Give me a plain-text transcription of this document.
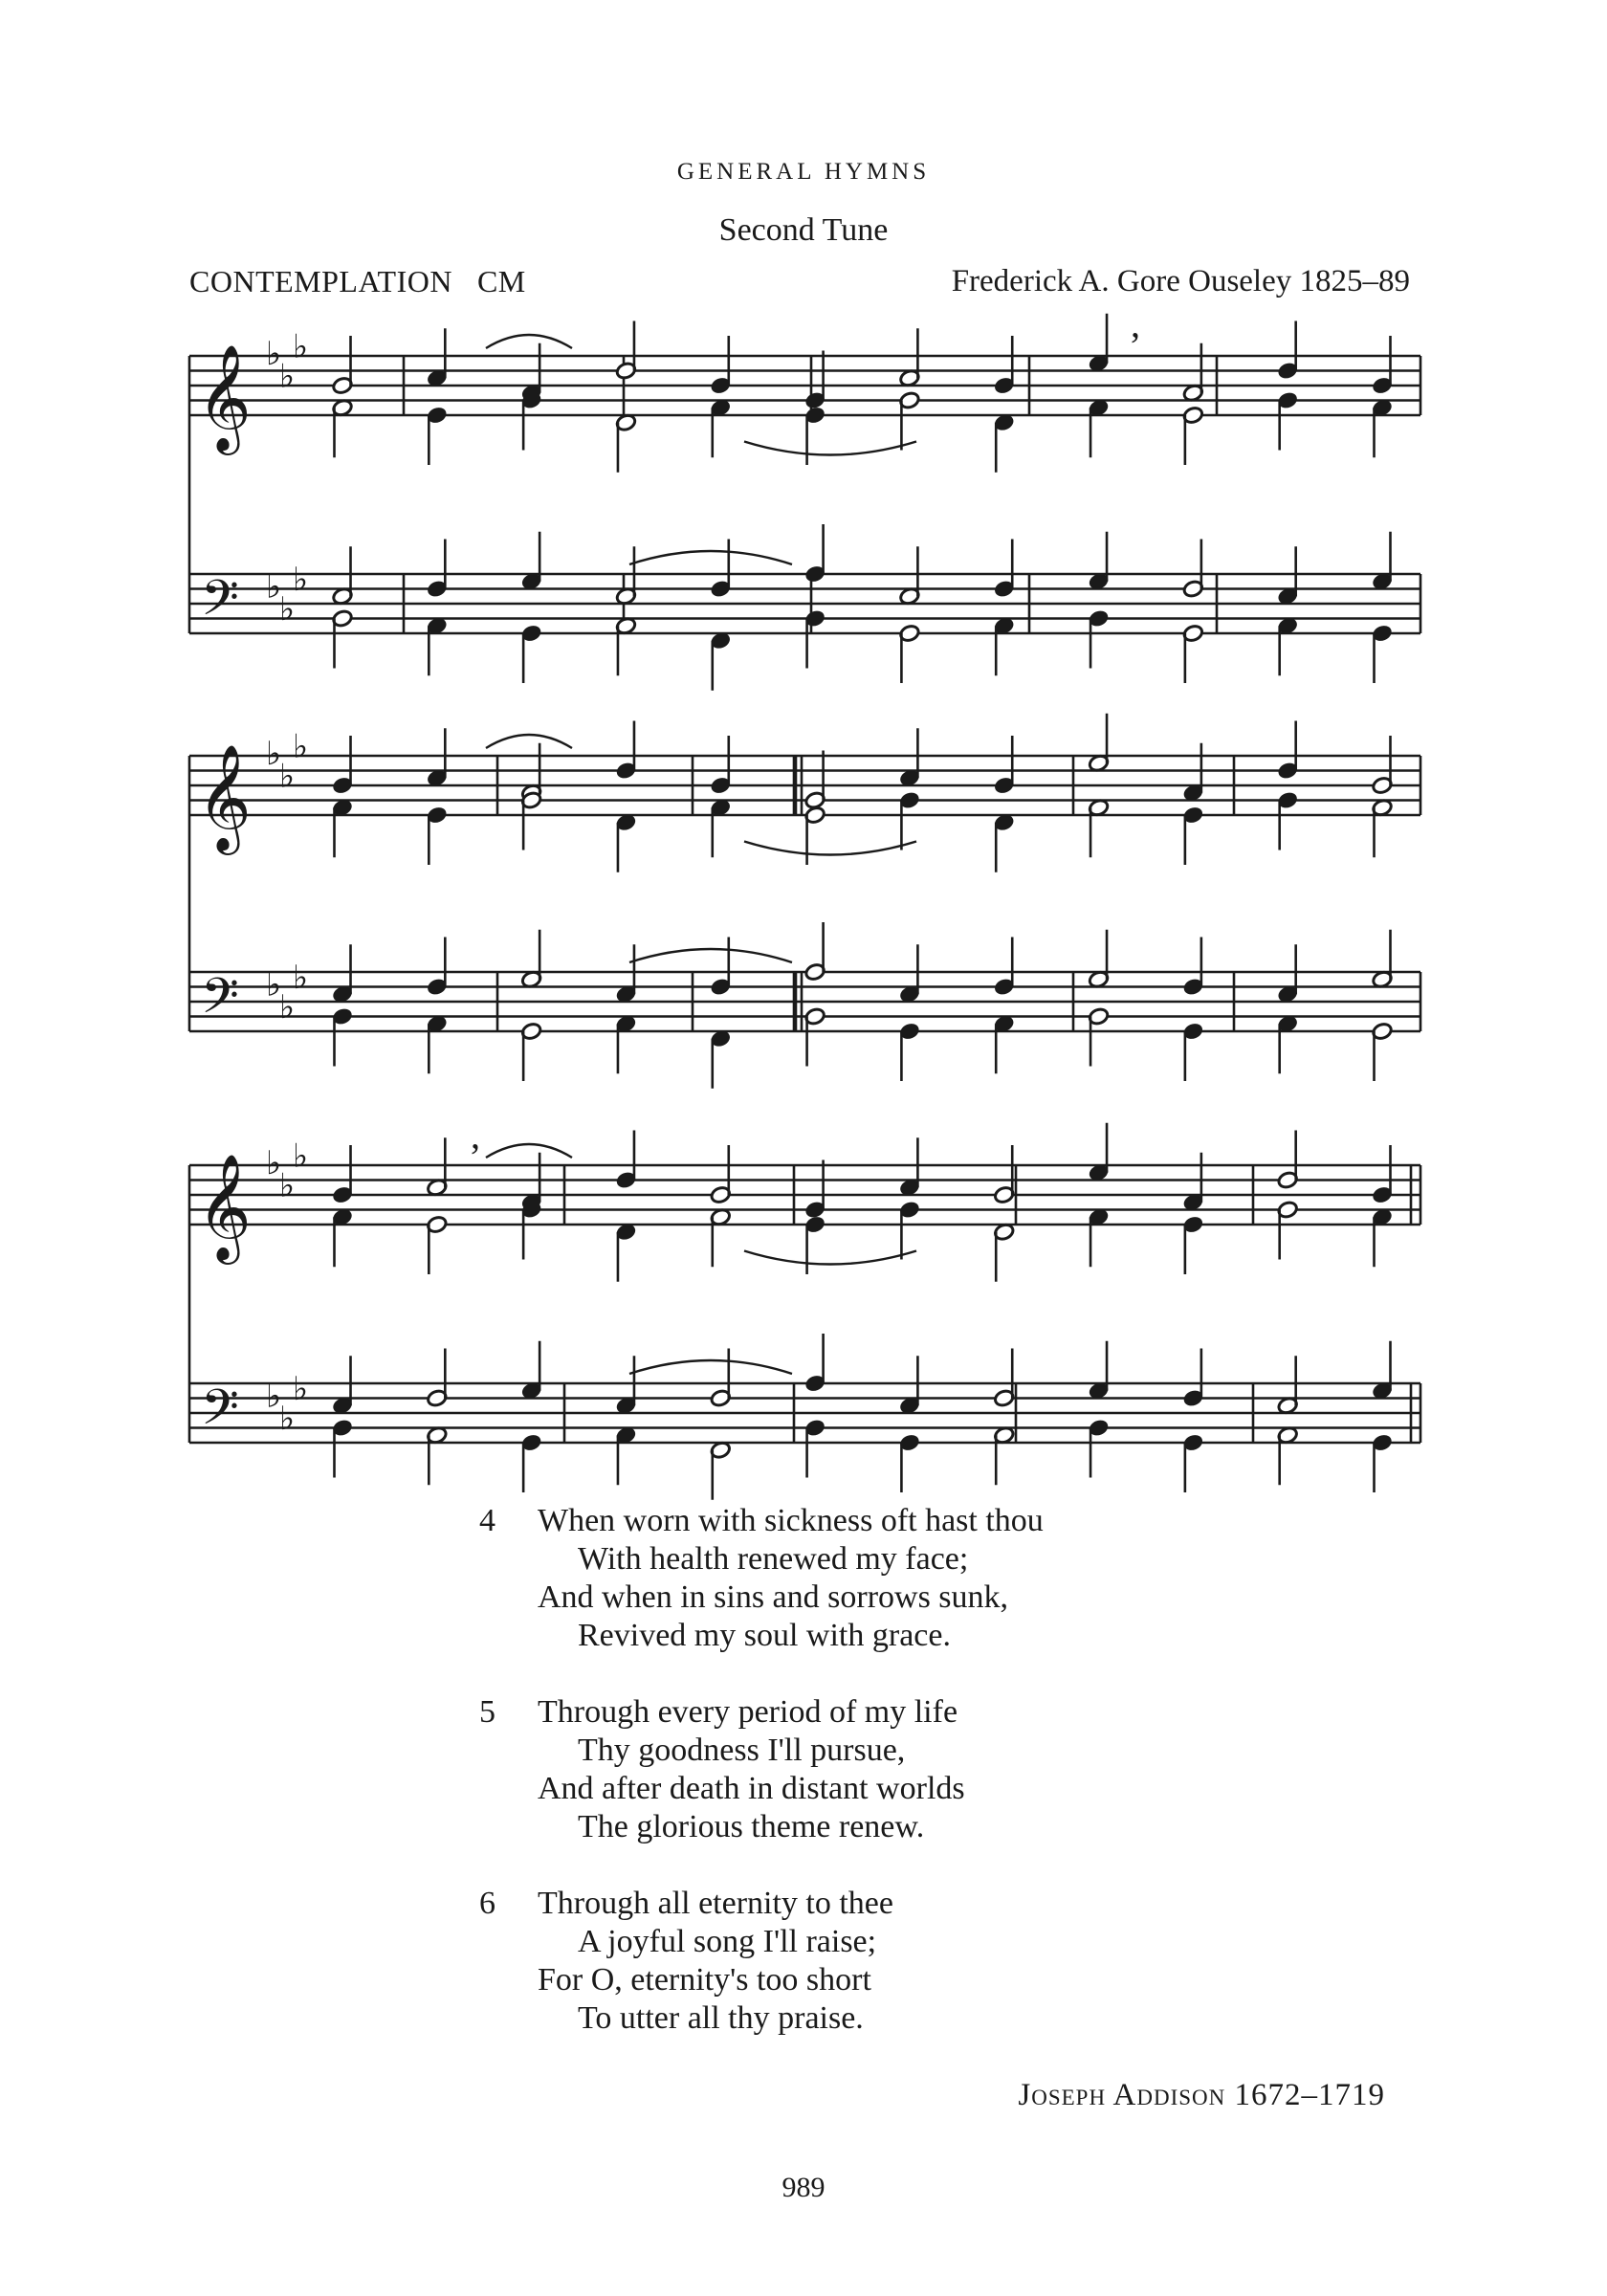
GENERAL HYMNS
Second Tune
CONTEMPLATION CM	Frederick A. Gore Ouseley 1825–89
𝄞
𝄢
♭
♭
♭
♭
♭
♭
𝄞
𝄢
♭
♭
♭
♭
♭
♭
𝄞
𝄢
♭
♭
♭
♭
♭
♭
,
,
4	When worn with sickness oft hast thou
With health renewed my face;
And when in sins and sorrows sunk,
Revived my soul with grace.
5	Through every period of my life
Thy goodness I'll pursue,
And after death in distant worlds
The glorious theme renew.
6	Through all eternity to thee
A joyful song I'll raise;
For O, eternity's too short
To utter all thy praise.
Joseph Addison 1672–1719
989
